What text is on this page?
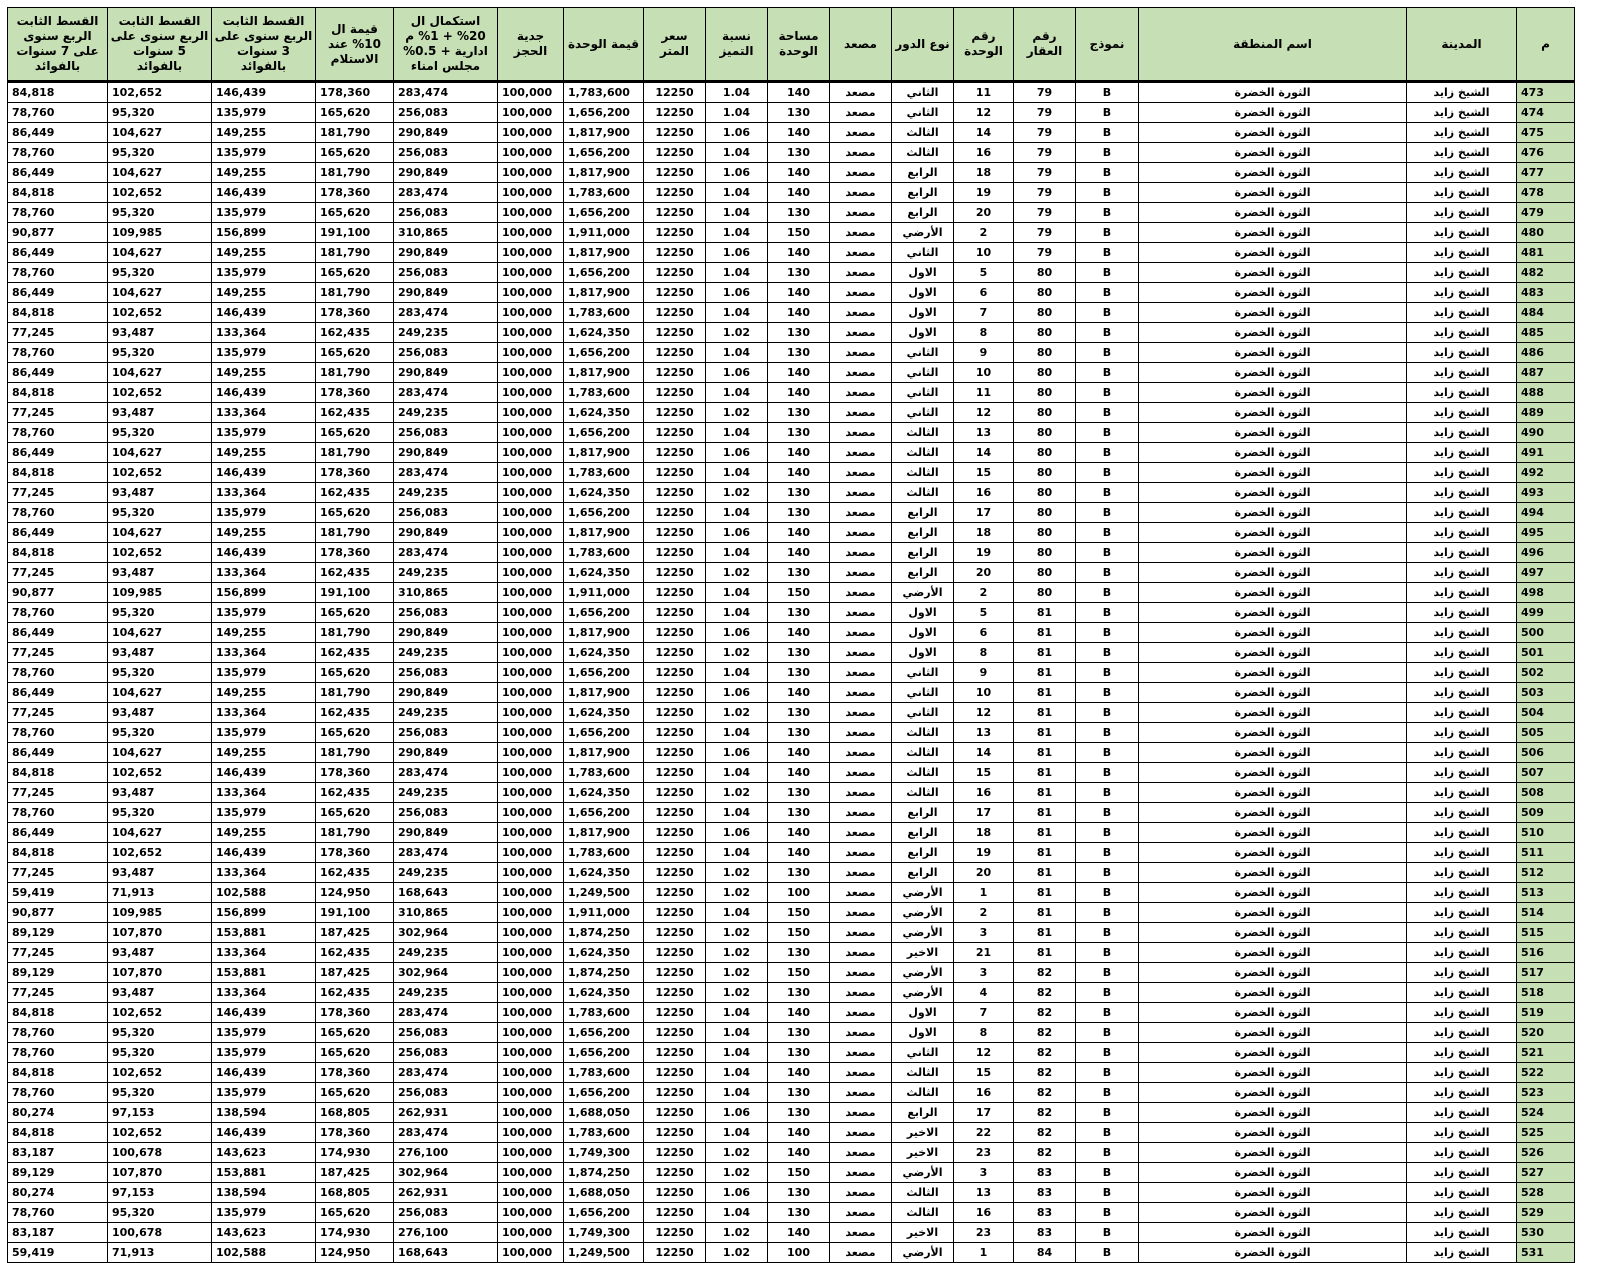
م	المدينة	اسم المنطقة	نموذج	رقم العقار	رقم الوحدة	نوع الدور	مصعد	مساحة الوحدة	نسبة التميز	سعر المتر	قيمة الوحدة	جدية الحجز	استكمال ال 20% + 1% م ادارية + 0.5% مجلس امناء	قيمة ال 10% عند الاستلام	القسط الثابت الربع سنوى على 3 سنوات بالفوائد	القسط الثابت الربع سنوى على 5 سنوات بالفوائد	القسط الثابت الربع سنوى على 7 سنوات بالفوائد
473	الشيخ زايد	الثورة الخضرة	B	79	11	الثاني	مصعد	140	1.04	12250	1,783,600	100,000	283,474	178,360	146,439	102,652	84,818
474	الشيخ زايد	الثورة الخضرة	B	79	12	الثاني	مصعد	130	1.04	12250	1,656,200	100,000	256,083	165,620	135,979	95,320	78,760
475	الشيخ زايد	الثورة الخضرة	B	79	14	الثالث	مصعد	140	1.06	12250	1,817,900	100,000	290,849	181,790	149,255	104,627	86,449
476	الشيخ زايد	الثورة الخضرة	B	79	16	الثالث	مصعد	130	1.04	12250	1,656,200	100,000	256,083	165,620	135,979	95,320	78,760
477	الشيخ زايد	الثورة الخضرة	B	79	18	الرابع	مصعد	140	1.06	12250	1,817,900	100,000	290,849	181,790	149,255	104,627	86,449
478	الشيخ زايد	الثورة الخضرة	B	79	19	الرابع	مصعد	140	1.04	12250	1,783,600	100,000	283,474	178,360	146,439	102,652	84,818
479	الشيخ زايد	الثورة الخضرة	B	79	20	الرابع	مصعد	130	1.04	12250	1,656,200	100,000	256,083	165,620	135,979	95,320	78,760
480	الشيخ زايد	الثورة الخضرة	B	79	2	الأرضي	مصعد	150	1.04	12250	1,911,000	100,000	310,865	191,100	156,899	109,985	90,877
481	الشيخ زايد	الثورة الخضرة	B	79	10	الثاني	مصعد	140	1.06	12250	1,817,900	100,000	290,849	181,790	149,255	104,627	86,449
482	الشيخ زايد	الثورة الخضرة	B	80	5	الاول	مصعد	130	1.04	12250	1,656,200	100,000	256,083	165,620	135,979	95,320	78,760
483	الشيخ زايد	الثورة الخضرة	B	80	6	الاول	مصعد	140	1.06	12250	1,817,900	100,000	290,849	181,790	149,255	104,627	86,449
484	الشيخ زايد	الثورة الخضرة	B	80	7	الاول	مصعد	140	1.04	12250	1,783,600	100,000	283,474	178,360	146,439	102,652	84,818
485	الشيخ زايد	الثورة الخضرة	B	80	8	الاول	مصعد	130	1.02	12250	1,624,350	100,000	249,235	162,435	133,364	93,487	77,245
486	الشيخ زايد	الثورة الخضرة	B	80	9	الثاني	مصعد	130	1.04	12250	1,656,200	100,000	256,083	165,620	135,979	95,320	78,760
487	الشيخ زايد	الثورة الخضرة	B	80	10	الثاني	مصعد	140	1.06	12250	1,817,900	100,000	290,849	181,790	149,255	104,627	86,449
488	الشيخ زايد	الثورة الخضرة	B	80	11	الثاني	مصعد	140	1.04	12250	1,783,600	100,000	283,474	178,360	146,439	102,652	84,818
489	الشيخ زايد	الثورة الخضرة	B	80	12	الثاني	مصعد	130	1.02	12250	1,624,350	100,000	249,235	162,435	133,364	93,487	77,245
490	الشيخ زايد	الثورة الخضرة	B	80	13	الثالث	مصعد	130	1.04	12250	1,656,200	100,000	256,083	165,620	135,979	95,320	78,760
491	الشيخ زايد	الثورة الخضرة	B	80	14	الثالث	مصعد	140	1.06	12250	1,817,900	100,000	290,849	181,790	149,255	104,627	86,449
492	الشيخ زايد	الثورة الخضرة	B	80	15	الثالث	مصعد	140	1.04	12250	1,783,600	100,000	283,474	178,360	146,439	102,652	84,818
493	الشيخ زايد	الثورة الخضرة	B	80	16	الثالث	مصعد	130	1.02	12250	1,624,350	100,000	249,235	162,435	133,364	93,487	77,245
494	الشيخ زايد	الثورة الخضرة	B	80	17	الرابع	مصعد	130	1.04	12250	1,656,200	100,000	256,083	165,620	135,979	95,320	78,760
495	الشيخ زايد	الثورة الخضرة	B	80	18	الرابع	مصعد	140	1.06	12250	1,817,900	100,000	290,849	181,790	149,255	104,627	86,449
496	الشيخ زايد	الثورة الخضرة	B	80	19	الرابع	مصعد	140	1.04	12250	1,783,600	100,000	283,474	178,360	146,439	102,652	84,818
497	الشيخ زايد	الثورة الخضرة	B	80	20	الرابع	مصعد	130	1.02	12250	1,624,350	100,000	249,235	162,435	133,364	93,487	77,245
498	الشيخ زايد	الثورة الخضرة	B	80	2	الأرضي	مصعد	150	1.04	12250	1,911,000	100,000	310,865	191,100	156,899	109,985	90,877
499	الشيخ زايد	الثورة الخضرة	B	81	5	الاول	مصعد	130	1.04	12250	1,656,200	100,000	256,083	165,620	135,979	95,320	78,760
500	الشيخ زايد	الثورة الخضرة	B	81	6	الاول	مصعد	140	1.06	12250	1,817,900	100,000	290,849	181,790	149,255	104,627	86,449
501	الشيخ زايد	الثورة الخضرة	B	81	8	الاول	مصعد	130	1.02	12250	1,624,350	100,000	249,235	162,435	133,364	93,487	77,245
502	الشيخ زايد	الثورة الخضرة	B	81	9	الثاني	مصعد	130	1.04	12250	1,656,200	100,000	256,083	165,620	135,979	95,320	78,760
503	الشيخ زايد	الثورة الخضرة	B	81	10	الثاني	مصعد	140	1.06	12250	1,817,900	100,000	290,849	181,790	149,255	104,627	86,449
504	الشيخ زايد	الثورة الخضرة	B	81	12	الثاني	مصعد	130	1.02	12250	1,624,350	100,000	249,235	162,435	133,364	93,487	77,245
505	الشيخ زايد	الثورة الخضرة	B	81	13	الثالث	مصعد	130	1.04	12250	1,656,200	100,000	256,083	165,620	135,979	95,320	78,760
506	الشيخ زايد	الثورة الخضرة	B	81	14	الثالث	مصعد	140	1.06	12250	1,817,900	100,000	290,849	181,790	149,255	104,627	86,449
507	الشيخ زايد	الثورة الخضرة	B	81	15	الثالث	مصعد	140	1.04	12250	1,783,600	100,000	283,474	178,360	146,439	102,652	84,818
508	الشيخ زايد	الثورة الخضرة	B	81	16	الثالث	مصعد	130	1.02	12250	1,624,350	100,000	249,235	162,435	133,364	93,487	77,245
509	الشيخ زايد	الثورة الخضرة	B	81	17	الرابع	مصعد	130	1.04	12250	1,656,200	100,000	256,083	165,620	135,979	95,320	78,760
510	الشيخ زايد	الثورة الخضرة	B	81	18	الرابع	مصعد	140	1.06	12250	1,817,900	100,000	290,849	181,790	149,255	104,627	86,449
511	الشيخ زايد	الثورة الخضرة	B	81	19	الرابع	مصعد	140	1.04	12250	1,783,600	100,000	283,474	178,360	146,439	102,652	84,818
512	الشيخ زايد	الثورة الخضرة	B	81	20	الرابع	مصعد	130	1.02	12250	1,624,350	100,000	249,235	162,435	133,364	93,487	77,245
513	الشيخ زايد	الثورة الخضرة	B	81	1	الأرضي	مصعد	100	1.02	12250	1,249,500	100,000	168,643	124,950	102,588	71,913	59,419
514	الشيخ زايد	الثورة الخضرة	B	81	2	الأرضي	مصعد	150	1.04	12250	1,911,000	100,000	310,865	191,100	156,899	109,985	90,877
515	الشيخ زايد	الثورة الخضرة	B	81	3	الأرضي	مصعد	150	1.02	12250	1,874,250	100,000	302,964	187,425	153,881	107,870	89,129
516	الشيخ زايد	الثورة الخضرة	B	81	21	الاخير	مصعد	130	1.02	12250	1,624,350	100,000	249,235	162,435	133,364	93,487	77,245
517	الشيخ زايد	الثورة الخضرة	B	82	3	الأرضي	مصعد	150	1.02	12250	1,874,250	100,000	302,964	187,425	153,881	107,870	89,129
518	الشيخ زايد	الثورة الخضرة	B	82	4	الأرضي	مصعد	130	1.02	12250	1,624,350	100,000	249,235	162,435	133,364	93,487	77,245
519	الشيخ زايد	الثورة الخضرة	B	82	7	الاول	مصعد	140	1.04	12250	1,783,600	100,000	283,474	178,360	146,439	102,652	84,818
520	الشيخ زايد	الثورة الخضرة	B	82	8	الاول	مصعد	130	1.04	12250	1,656,200	100,000	256,083	165,620	135,979	95,320	78,760
521	الشيخ زايد	الثورة الخضرة	B	82	12	الثاني	مصعد	130	1.04	12250	1,656,200	100,000	256,083	165,620	135,979	95,320	78,760
522	الشيخ زايد	الثورة الخضرة	B	82	15	الثالث	مصعد	140	1.04	12250	1,783,600	100,000	283,474	178,360	146,439	102,652	84,818
523	الشيخ زايد	الثورة الخضرة	B	82	16	الثالث	مصعد	130	1.04	12250	1,656,200	100,000	256,083	165,620	135,979	95,320	78,760
524	الشيخ زايد	الثورة الخضرة	B	82	17	الرابع	مصعد	130	1.06	12250	1,688,050	100,000	262,931	168,805	138,594	97,153	80,274
525	الشيخ زايد	الثورة الخضرة	B	82	22	الاخير	مصعد	140	1.04	12250	1,783,600	100,000	283,474	178,360	146,439	102,652	84,818
526	الشيخ زايد	الثورة الخضرة	B	82	23	الاخير	مصعد	140	1.02	12250	1,749,300	100,000	276,100	174,930	143,623	100,678	83,187
527	الشيخ زايد	الثورة الخضرة	B	83	3	الأرضي	مصعد	150	1.02	12250	1,874,250	100,000	302,964	187,425	153,881	107,870	89,129
528	الشيخ زايد	الثورة الخضرة	B	83	13	الثالث	مصعد	130	1.06	12250	1,688,050	100,000	262,931	168,805	138,594	97,153	80,274
529	الشيخ زايد	الثورة الخضرة	B	83	16	الثالث	مصعد	130	1.04	12250	1,656,200	100,000	256,083	165,620	135,979	95,320	78,760
530	الشيخ زايد	الثورة الخضرة	B	83	23	الاخير	مصعد	140	1.02	12250	1,749,300	100,000	276,100	174,930	143,623	100,678	83,187
531	الشيخ زايد	الثورة الخضرة	B	84	1	الأرضي	مصعد	100	1.02	12250	1,249,500	100,000	168,643	124,950	102,588	71,913	59,419
